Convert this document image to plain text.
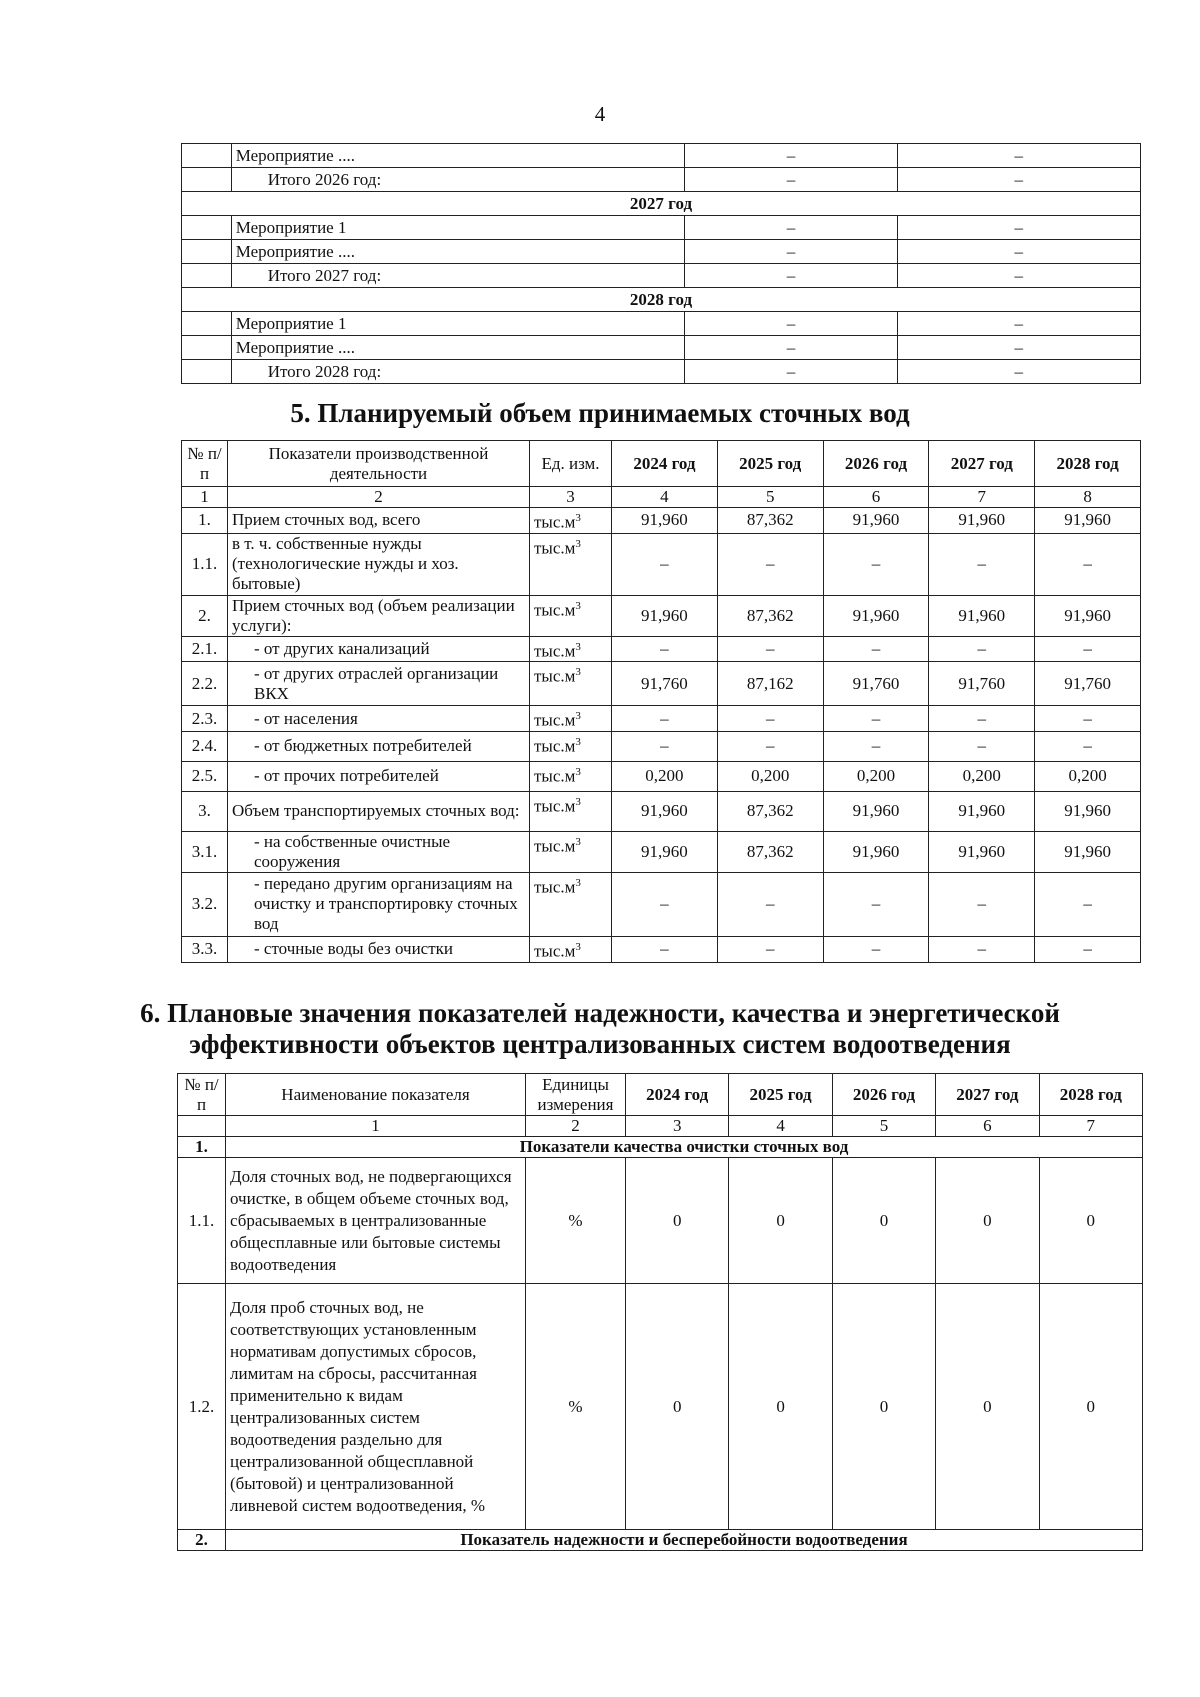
4
	Мероприятие ....	–	–
	Итого 2026 год:	–	–
2027 год			
	Мероприятие 1	–	–
	Мероприятие ....	–	–
	Итого 2027 год:	–	–
2028 год			
	Мероприятие 1	–	–
	Мероприятие ....	–	–
	Итого 2028 год:	–	–
5. Планируемый объем принимаемых сточных вод
№ п/п	Показатели производственной деятельности	Ед. изм.	2024 год	2025 год	2026 год	2027 год	2028 год
1	2	3	4	5	6	7	8
1.	Прием сточных вод, всего	$тыс.м^3$	91,960	87,362	91,960	91,960	91,960
1.1.	в т. ч. собственные нужды (технологические нужды и хоз. бытовые)	$тыс.м^3$	–	–	–	–	–
2.	Прием сточных вод (объем реализации услуги):	$тыс.м^3$	91,960	87,362	91,960	91,960	91,960
2.1.	- от других канализаций	$тыс.м^3$	–	–	–	–	–
2.2.	- от других отраслей организации ВКХ	$тыс.м^3$	91,760	87,162	91,760	91,760	91,760
2.3.	- от населения	$тыс.м^3$	–	–	–	–	–
2.4.	- от бюджетных потребителей	$тыс.м^3$	–	–	–	–	–
2.5.	- от прочих потребителей	$тыс.м^3$	0,200	0,200	0,200	0,200	0,200
3.	Объем транспортируемых сточных вод:	$тыс.м^3$	91,960	87,362	91,960	91,960	91,960
3.1.	- на собственные очистные сооружения	$тыс.м^3$	91,960	87,362	91,960	91,960	91,960
3.2.	- передано другим организациям на очистку и транспортировку сточных вод	$тыс.м^3$	–	–	–	–	–
3.3.	- сточные воды без очистки	$тыс.м^3$	–	–	–	–	–
6. Плановые значения показателей надежности, качества и энергетической
эффективности объектов централизованных систем водоотведения
№ п/п	Наименование показателя	Единицы измерения	2024 год	2025 год	2026 год	2027 год	2028 год
	1	2	3	4	5	6	7
1.	Показатели качества очистки сточных вод						
1.1.	Доля сточных вод, не подвергающихся очистке, в общем объеме сточных вод, сбрасываемых в централизованные общесплавные или бытовые системы водоотведения	%	0	0	0	0	0
1.2.	Доля проб сточных вод, не соответствующих установленным нормативам допустимых сбросов, лимитам на сбросы, рассчитанная применительно к видам централизованных систем водоотведения раздельно для централизованной общесплавной (бытовой) и централизованной ливневой систем водоотведения, %	%	0	0	0	0	0
2.	Показатель надежности и бесперебойности водоотведения						
